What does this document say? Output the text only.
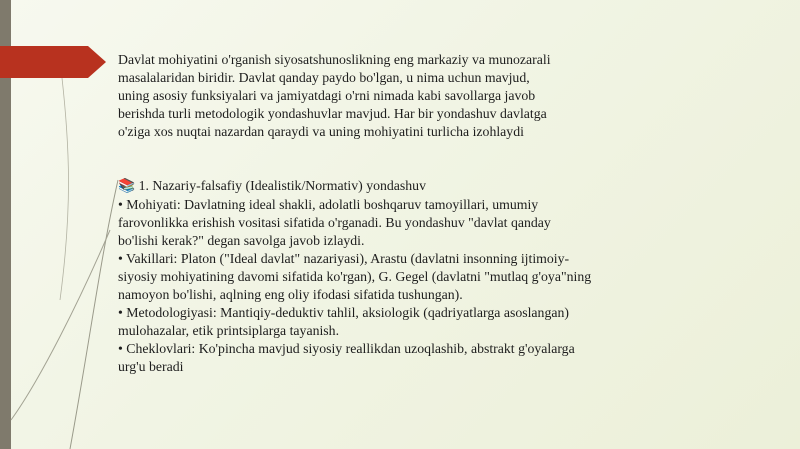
Davlat mohiyatini o'rganish siyosatshunoslikning eng markaziy va munozarali
masalalaridan biridir. Davlat qanday paydo bo'lgan, u nima uchun mavjud,
uning asosiy funksiyalari va jamiyatdagi o'rni nimada kabi savollarga javob
berishda turli metodologik yondashuvlar mavjud. Har bir yondashuv davlatga
o'ziga xos nuqtai nazardan qaraydi va uning mohiyatini turlicha izohlaydi

📚 1. Nazariy-falsafiy (Idealistik/Normativ) yondashuv

• Mohiyati: Davlatning ideal shakli, adolatli boshqaruv tamoyillari, umumiy
farovonlikka erishish vositasi sifatida o'rganadi. Bu yondashuv "davlat qanday
bo'lishi kerak?" degan savolga javob izlaydi.

• Vakillari: Platon ("Ideal davlat" nazariyasi), Arastu (davlatni insonning ijtimoiy-
siyosiy mohiyatining davomi sifatida ko'rgan), G. Gegel (davlatni "mutlaq g'oya"ning
namoyon bo'lishi, aqlning eng oliy ifodasi sifatida tushungan).

• Metodologiyasi: Mantiqiy-deduktiv tahlil, aksiologik (qadriyatlarga asoslangan)
mulohazalar, etik printsiplarga tayanish.

• Cheklovlari: Ko'pincha mavjud siyosiy reallikdan uzoqlashib, abstrakt g'oyalarga
urg'u beradi
